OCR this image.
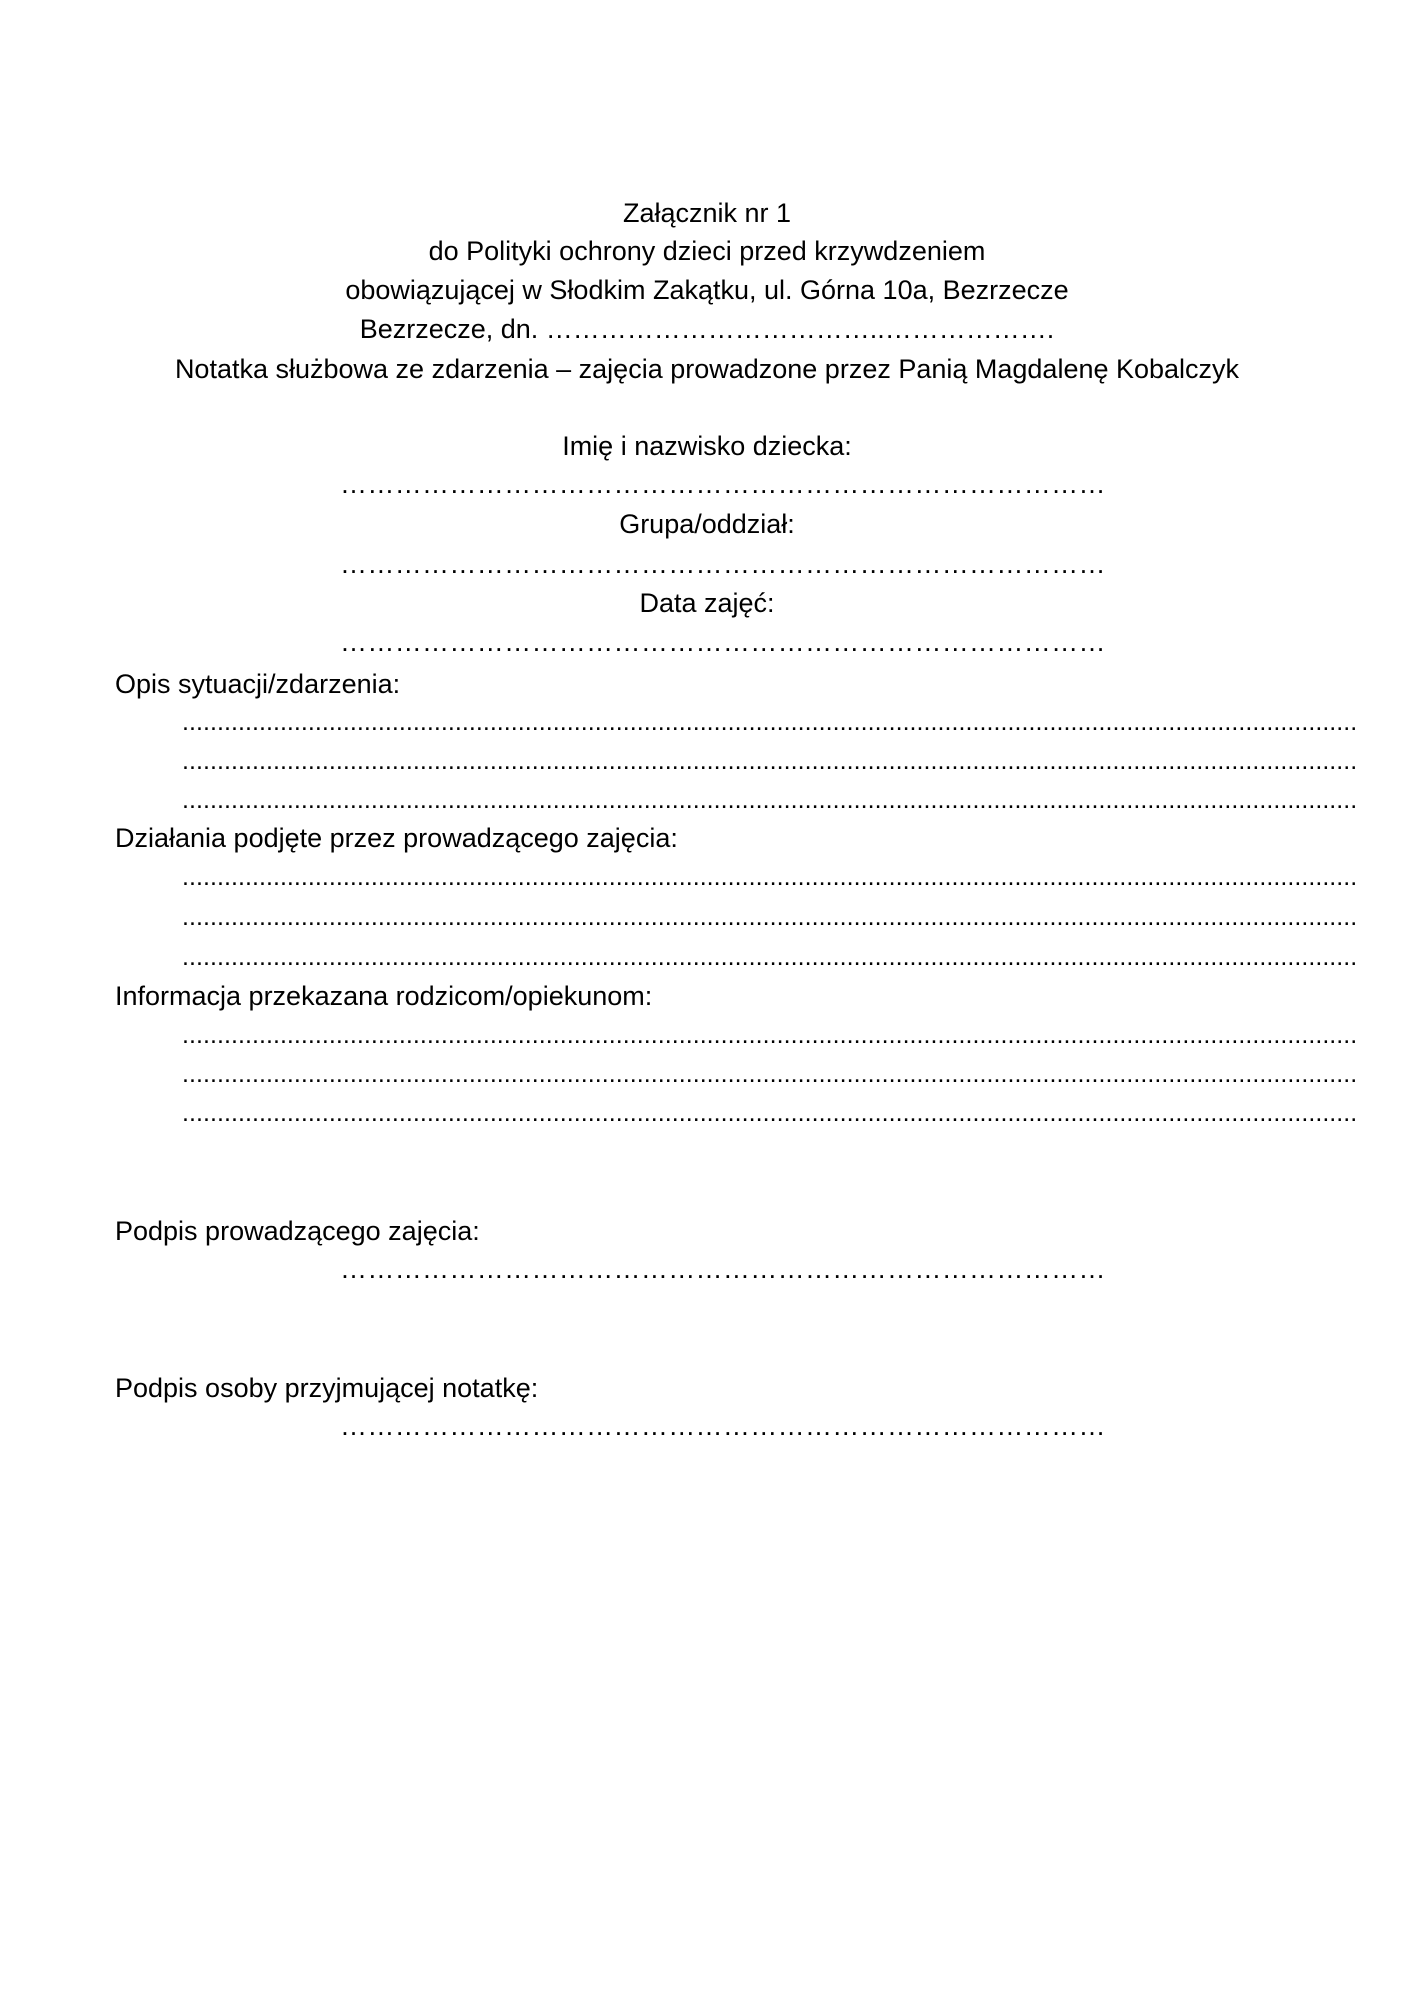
Załącznik nr 1
do Polityki ochrony dzieci przed krzywdzeniem
obowiązującej w Słodkim Zakątku, ul. Górna 10a, Bezrzecze
Bezrzecze, dn. ………………………………..……………….
Notatka służbowa ze zdarzenia – zajęcia prowadzone przez Panią Magdalenę Kobalczyk
Imię i nazwisko dziecka:
…………………………………………………………………………
Grupa/oddział:
…………………………………………………………………………
Data zajęć:
…………………………………………………………………………
Opis sytuacji/zdarzenia:
........................................................................................................................................................................
........................................................................................................................................................................
........................................................................................................................................................................
Działania podjęte przez prowadzącego zajęcia:
........................................................................................................................................................................
........................................................................................................................................................................
........................................................................................................................................................................
Informacja przekazana rodzicom/opiekunom:
........................................................................................................................................................................
........................................................................................................................................................................
........................................................................................................................................................................
Podpis prowadzącego zajęcia:
…………………………………………………………………………
Podpis osoby przyjmującej notatkę:
…………………………………………………………………………
